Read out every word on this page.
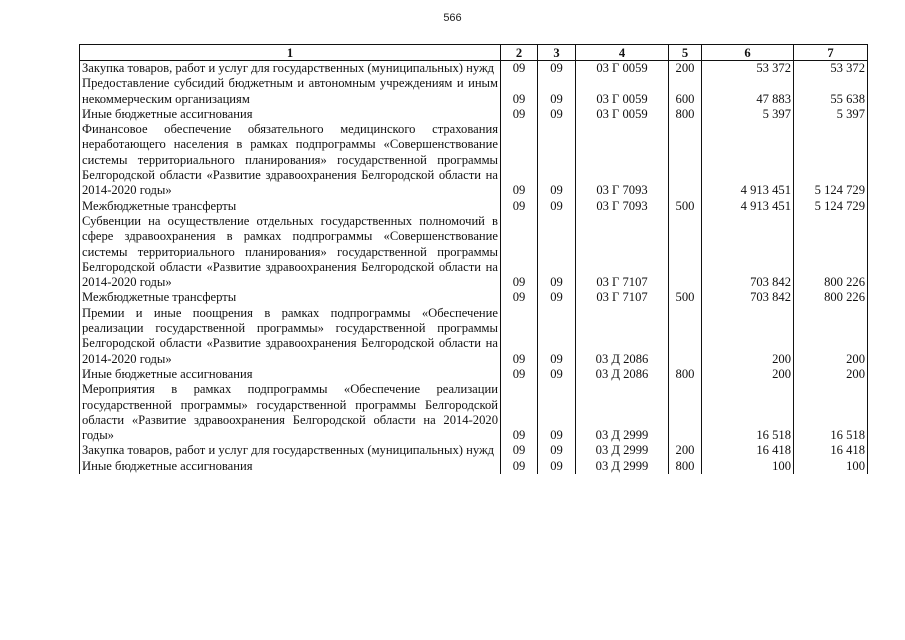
566
1	2	3	4	5	6	7
Закупка товаров, работ и услуг для государственных (муниципальных) нужд	09	09	03 Г 0059	200	53 372	53 372
Предоставление субсидий бюджетным и автономным учреждениям и иным некоммерческим организациям	09	09	03 Г 0059	600	47 883	55 638
Иные бюджетные ассигнования	09	09	03 Г 0059	800	5 397	5 397
Финансовое обеспечение обязательного медицинского страхования неработающего населения в рамках подпрограммы «Совершенствование системы территориального планирования» государственной программы Белгородской области «Развитие здравоохранения Белгородской области на 2014-2020 годы»	09	09	03 Г 7093		4 913 451	5 124 729
Межбюджетные трансферты	09	09	03 Г 7093	500	4 913 451	5 124 729
Субвенции на осуществление отдельных государственных полномочий в сфере здравоохранения в рамках подпрограммы «Совершенствование системы территориального планирования» государственной программы Белгородской области «Развитие здравоохранения Белгородской области на 2014-2020 годы»	09	09	03 Г 7107		703 842	800 226
Межбюджетные трансферты	09	09	03 Г 7107	500	703 842	800 226
Премии и иные поощрения в рамках подпрограммы «Обеспечение реализации государственной программы» государственной программы Белгородской области «Развитие здравоохранения Белгородской области на 2014-2020 годы»	09	09	03 Д 2086		200	200
Иные бюджетные ассигнования	09	09	03 Д 2086	800	200	200
Мероприятия в рамках подпрограммы «Обеспечение реализации государственной программы» государственной программы Белгородской области «Развитие здравоохранения Белгородской области на 2014-2020 годы»	09	09	03 Д 2999		16 518	16 518
Закупка товаров, работ и услуг для государственных (муниципальных) нужд	09	09	03 Д 2999	200	16 418	16 418
Иные бюджетные ассигнования	09	09	03 Д 2999	800	100	100
